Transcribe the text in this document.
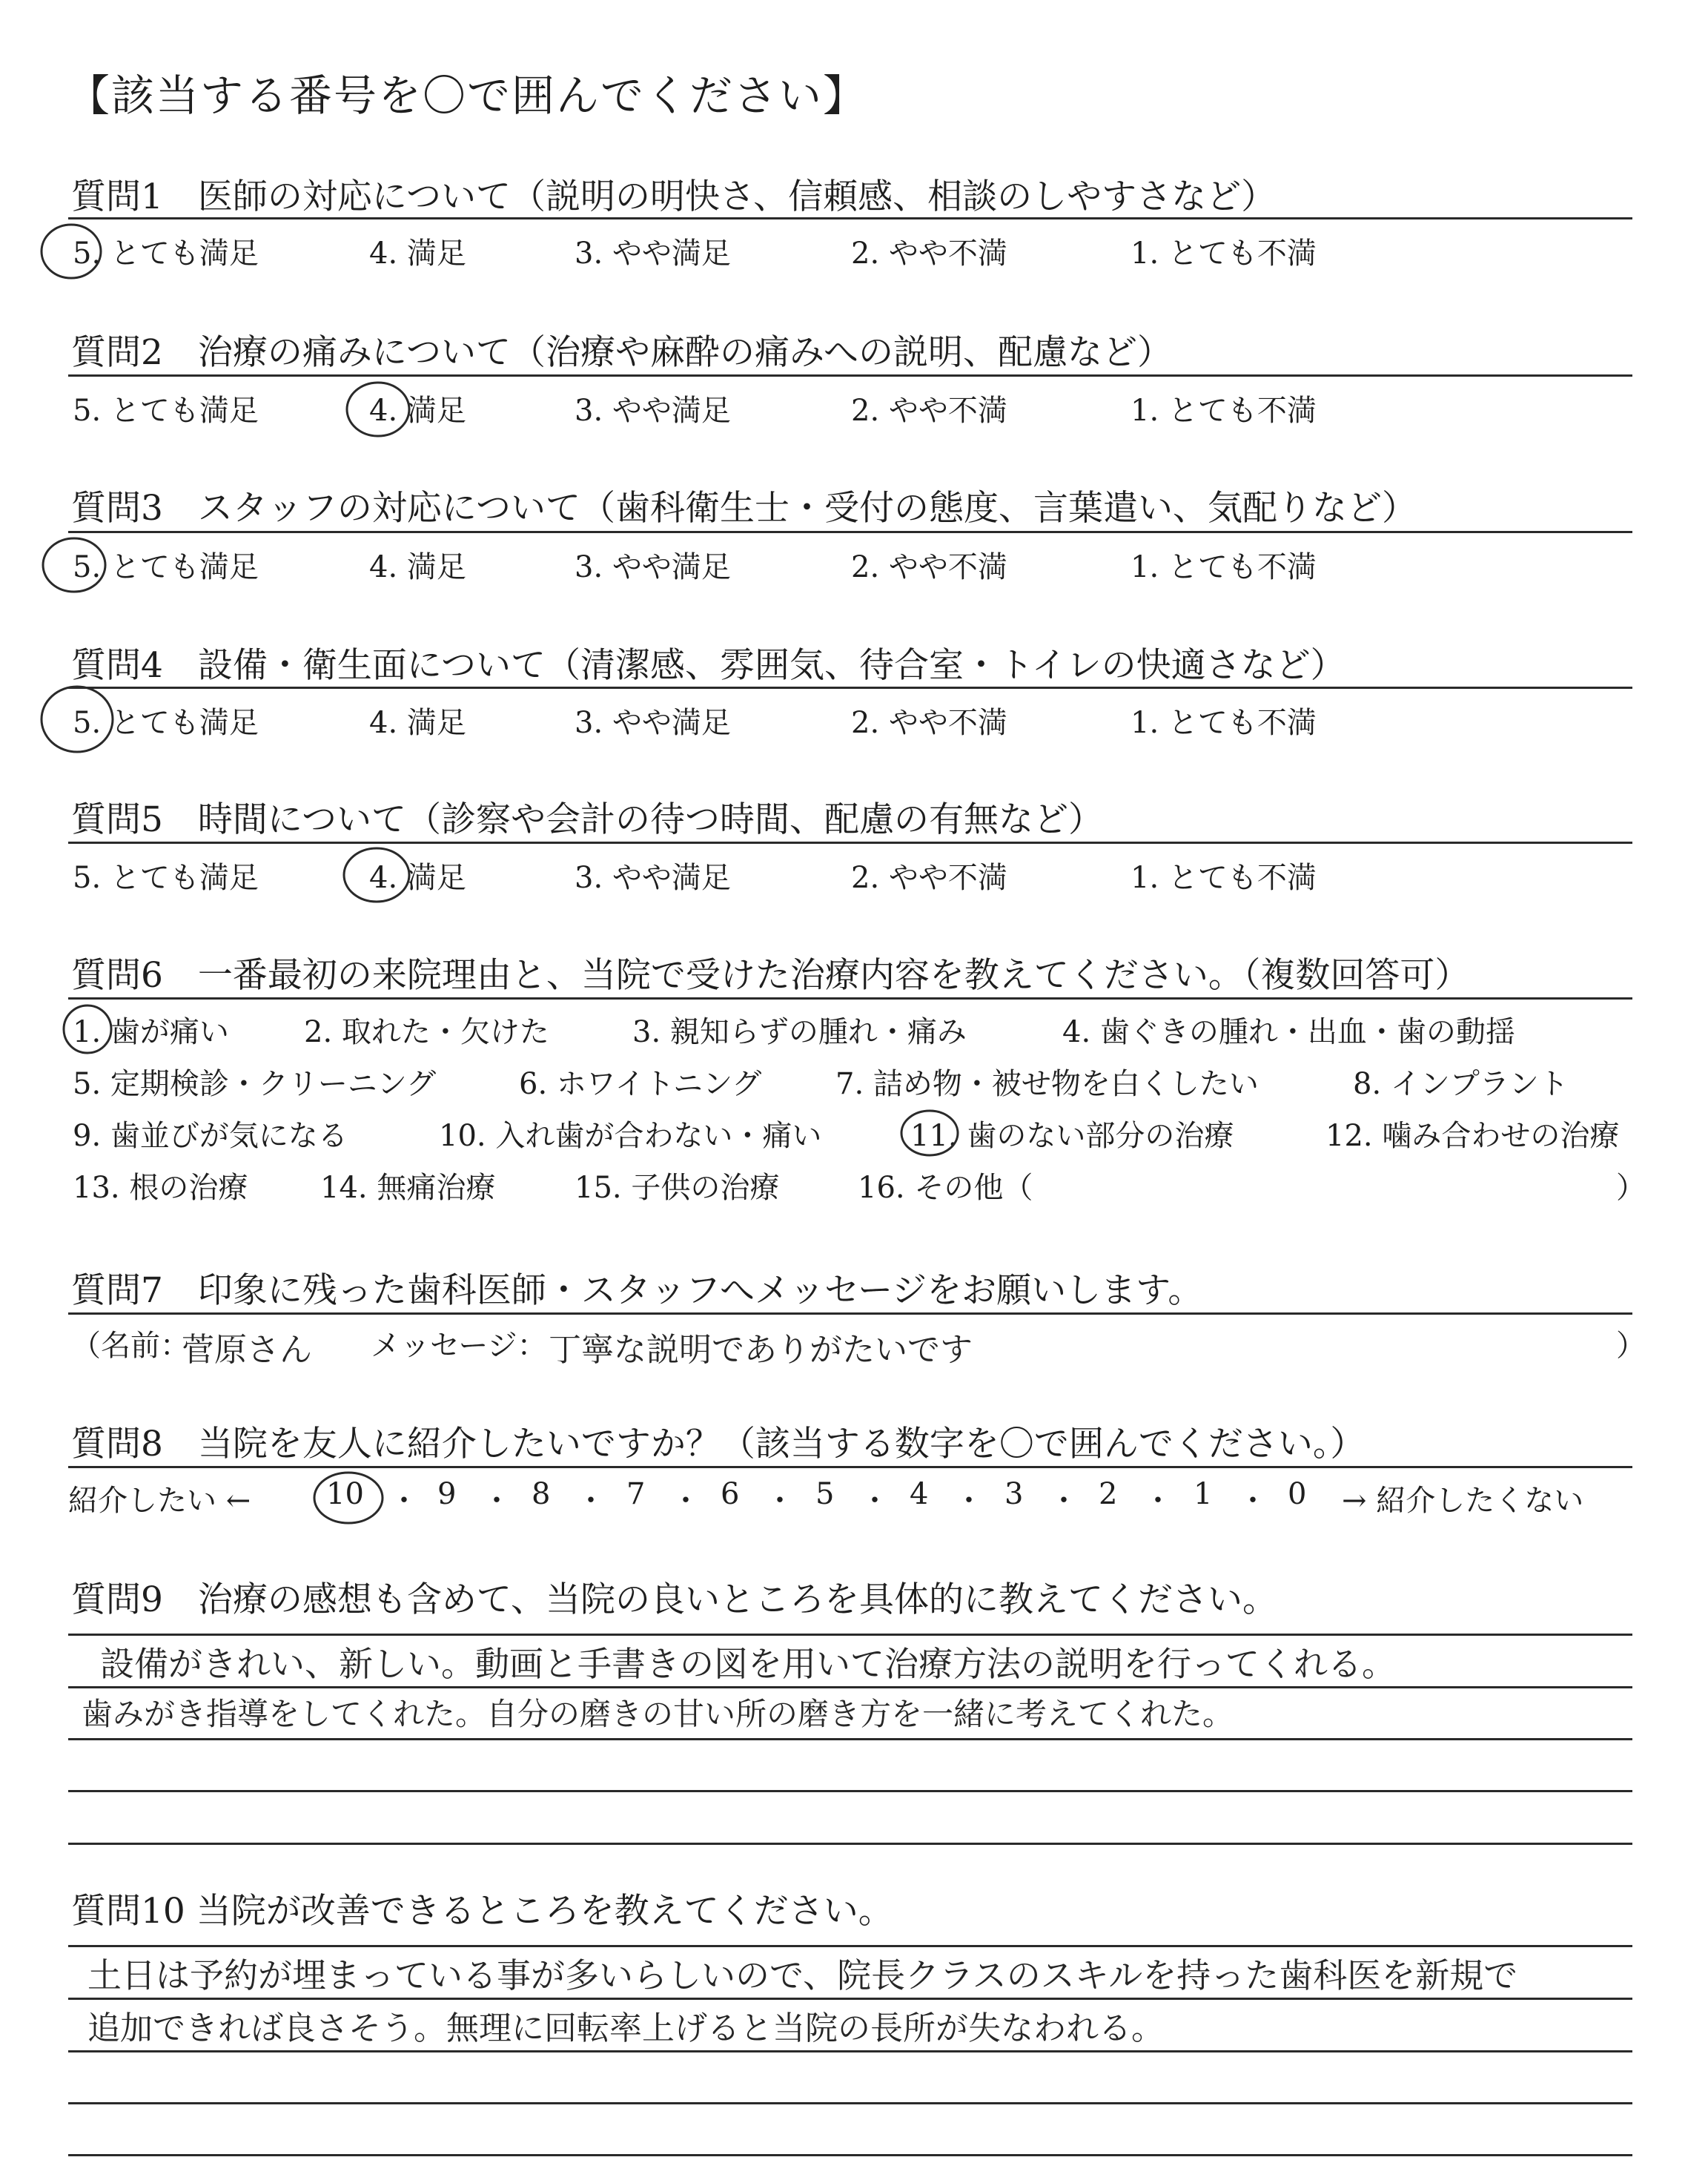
【該当する番号を〇で囲んでください】
質問1　医師の対応について（説明の明快さ、信頼感、相談のしやすさなど）
5. とても満足	4. 満足	3. やや満足	2. やや不満	1. とても不満
質問2　治療の痛みについて（治療や麻酔の痛みへの説明、配慮など）
5. とても満足	4. 満足	3. やや満足	2. やや不満	1. とても不満
質問3　スタッフの対応について（歯科衛生士・受付の態度、言葉遣い、気配りなど）
5. とても満足	4. 満足	3. やや満足	2. やや不満	1. とても不満
質問4　設備・衛生面について（清潔感、雰囲気、待合室・トイレの快適さなど）
5. とても満足	4. 満足	3. やや満足	2. やや不満	1. とても不満
質問5　時間について（診察や会計の待つ時間、配慮の有無など）
5. とても満足	4. 満足	3. やや満足	2. やや不満	1. とても不満
質問6　一番最初の来院理由と、当院で受けた治療内容を教えてください。（複数回答可）
1. 歯が痛い	2. 取れた・欠けた	3. 親知らずの腫れ・痛み	4. 歯ぐきの腫れ・出血・歯の動揺
5. 定期検診・クリーニング	6. ホワイトニング 7. 詰め物・被せ物を白くしたい	8. インプラント
9. 歯並びが気になる	10. 入れ歯が合わない・痛い	11. 歯のない部分の治療	12. 噛み合わせの治療
13. 根の治療 14. 無痛治療	15. 子供の治療	16. その他（	）
質問7　印象に残った歯科医師・スタッフへメッセージをお願いします。
（名前：
菅原さん メッセージ： 丁寧な説明でありがたいです	）
質問8　当院を友人に紹介したいですか？（該当する数字を〇で囲んでください。）
紹介したい ←	10 ・ 9 ・ 8 ・ 7 ・ 6 ・ 5 ・ 4 ・ 3 ・ 2 ・ 1 ・ 0 → 紹介したくない
質問9　治療の感想も含めて、当院の良いところを具体的に教えてください。
設備がきれい、新しい。動画と手書きの図を用いて治療方法の説明を行ってくれる。
歯みがき指導をしてくれた。自分の磨きの甘い所の磨き方を一緒に考えてくれた。
質問10 当院が改善できるところを教えてください。
土日は予約が埋まっている事が多いらしいので、院長クラスのスキルを持った歯科医を新規で
追加できれば良さそう。無理に回転率上げると当院の長所が失なわれる。
